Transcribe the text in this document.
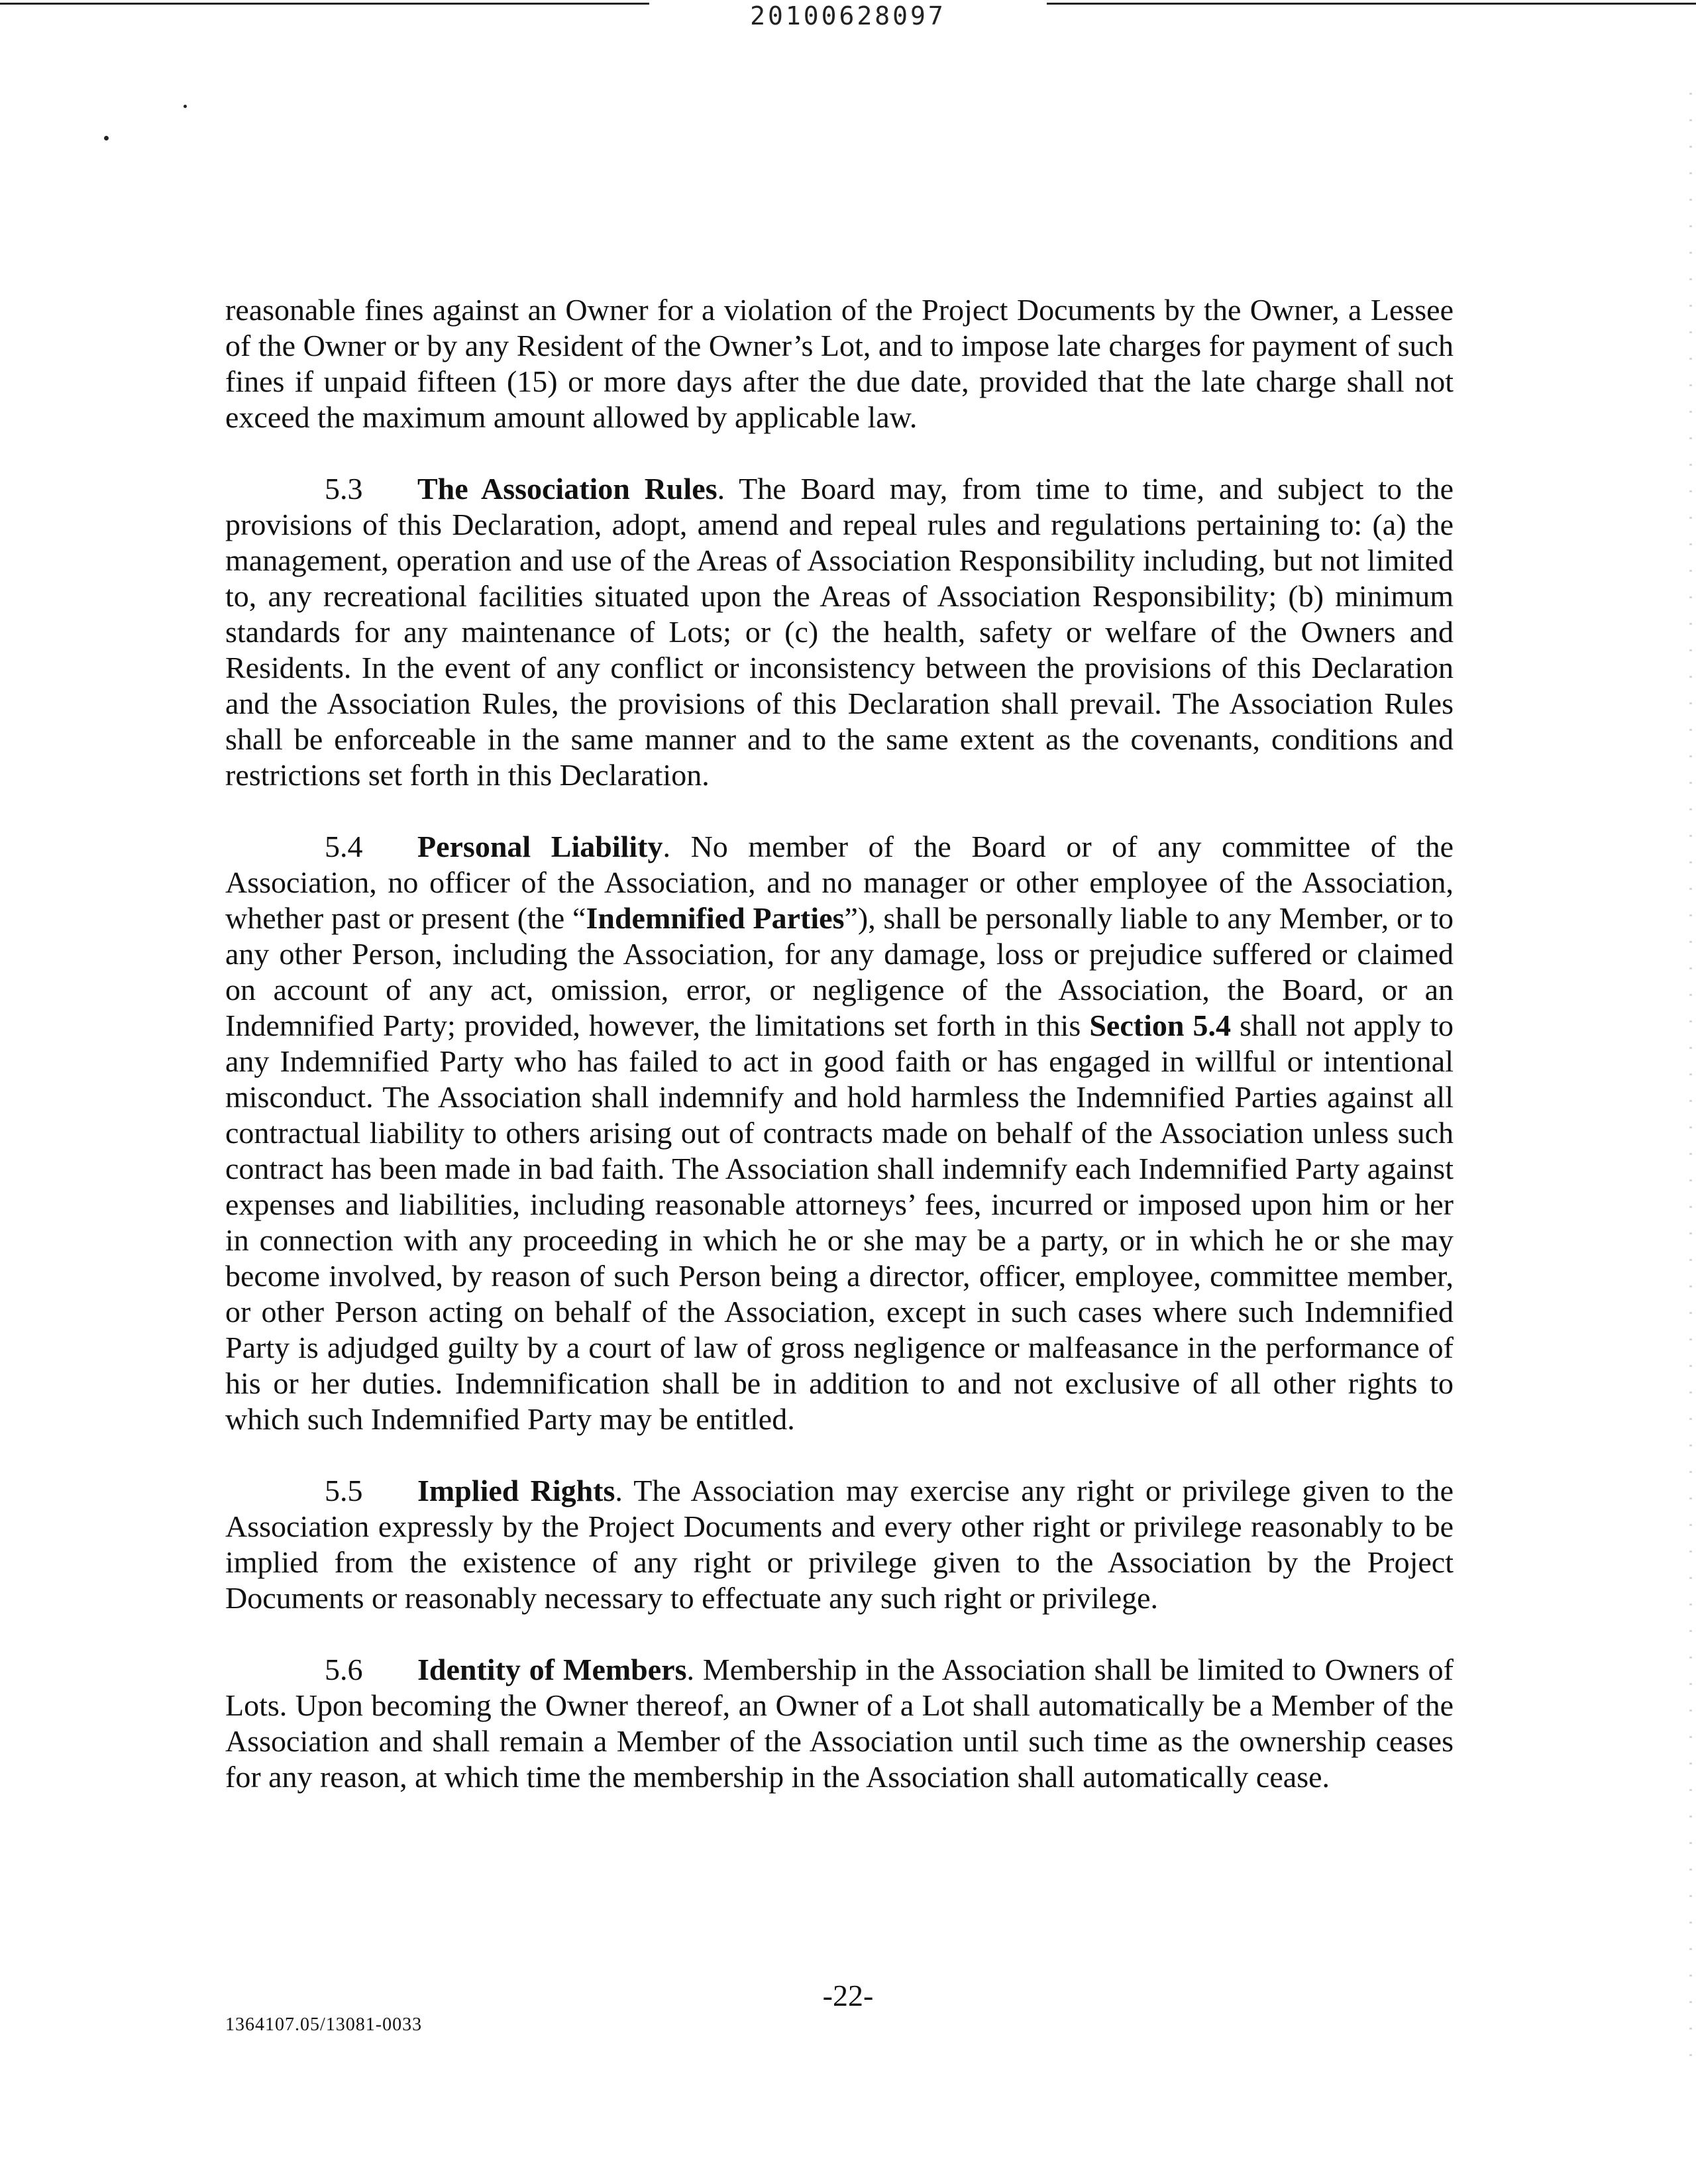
20100628097

reasonable fines against an Owner for a violation of the Project Documents by the Owner, a Lessee of the Owner or by any Resident of the Owner’s Lot, and to impose late charges for payment of such fines if unpaid fifteen (15) or more days after the due date, provided that the late charge shall not exceed the maximum amount allowed by applicable law.

5.3 The Association Rules. The Board may, from time to time, and subject to the provisions of this Declaration, adopt, amend and repeal rules and regulations pertaining to: (a) the management, operation and use of the Areas of Association Responsibility including, but not limited to, any recreational facilities situated upon the Areas of Association Responsibility; (b) minimum standards for any maintenance of Lots; or (c) the health, safety or welfare of the Owners and Residents. In the event of any conflict or inconsistency between the provisions of this Declaration and the Association Rules, the provisions of this Declaration shall prevail. The Association Rules shall be enforceable in the same manner and to the same extent as the covenants, conditions and restrictions set forth in this Declaration.

5.4 Personal Liability. No member of the Board or of any committee of the Association, no officer of the Association, and no manager or other employee of the Association, whether past or present (the “Indemnified Parties”), shall be personally liable to any Member, or to any other Person, including the Association, for any damage, loss or prejudice suffered or claimed on account of any act, omission, error, or negligence of the Association, the Board, or an Indemnified Party; provided, however, the limitations set forth in this Section 5.4 shall not apply to any Indemnified Party who has failed to act in good faith or has engaged in willful or intentional misconduct. The Association shall indemnify and hold harmless the Indemnified Parties against all contractual liability to others arising out of contracts made on behalf of the Association unless such contract has been made in bad faith. The Association shall indemnify each Indemnified Party against expenses and liabilities, including reasonable attorneys’ fees, incurred or imposed upon him or her in connection with any proceeding in which he or she may be a party, or in which he or she may become involved, by reason of such Person being a director, officer, employee, committee member, or other Person acting on behalf of the Association, except in such cases where such Indemnified Party is adjudged guilty by a court of law of gross negligence or malfeasance in the performance of his or her duties. Indemnification shall be in addition to and not exclusive of all other rights to which such Indemnified Party may be entitled.

5.5 Implied Rights. The Association may exercise any right or privilege given to the Association expressly by the Project Documents and every other right or privilege reasonably to be implied from the existence of any right or privilege given to the Association by the Project Documents or reasonably necessary to effectuate any such right or privilege.

5.6 Identity of Members. Membership in the Association shall be limited to Owners of Lots. Upon becoming the Owner thereof, an Owner of a Lot shall automatically be a Member of the Association and shall remain a Member of the Association until such time as the ownership ceases for any reason, at which time the membership in the Association shall automatically cease.

-22-
1364107.05/13081-0033
